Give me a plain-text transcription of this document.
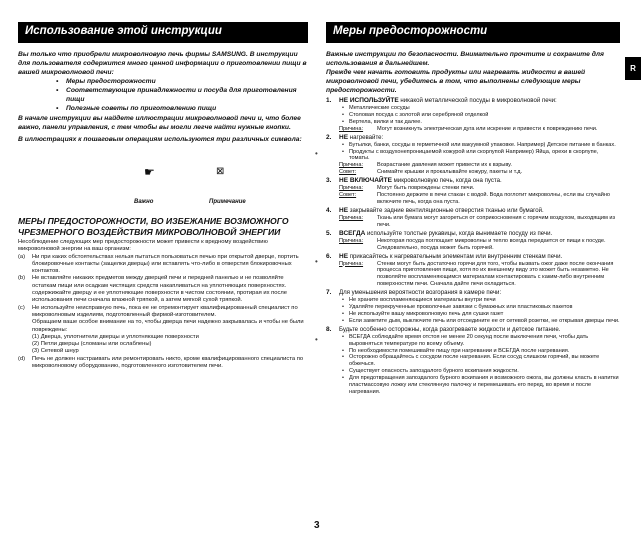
Использование этой инструкции
Вы только что приобрели микроволновую печь фирмы SAMSUNG. В инструкции для пользователя содержится много ценной информации о приготовлении пищи в вашей микроволновой печи:
• Меры предосторожности
• Соответствующие принадлежности и посуда для приготовления пищи
• Полезные советы по приготовлению пищи
В начале инструкции вы найдете иллюстрации микроволновой печи и, что более важно, панели управления, с тем чтобы вы могли легче найти нужные кнопки.
В иллюстрациях к пошаговым операциям используются три различных символа:
☛	⊠
Важно	Примечание
МЕРЫ ПРЕДОСТОРОЖНОСТИ, ВО ИЗБЕЖАНИЕ ВОЗМОЖНОГО ЧРЕЗМЕРНОГО ВОЗДЕЙСТВИЯ МИКРОВОЛНОВОЙ ЭНЕРГИИ
Несоблюдение следующих мер предосторожности может привести к вредному воздействию микроволновой энергии на ваш организм:
(a) Ни при каких обстоятельствах нельзя пытаться пользоваться печью при открытой дверце, портить блокировочные контакты (защелки дверцы) или вставлять что-либо в отверстия блокировочных контактов.
(b) Не вставляйте никаких предметов между дверцей печи и передней панелью и не позволяйте остаткам пищи или осадкам чистящих средств накапливаться на уплотняющих поверхностях. содержижайте дверцу и ее уплотняющие поверхности в чистом состоянии, протирая их после использования печи сначала влажной тряпкой, а затем мягкой сухой тряпкой.
(c) Не используйте неисправную печь, пока ее не отремонтирует квалифицированный специалист по микроволновым изделиям, подготовленный фирмой-изготовителем.
Обращаем ваше особое внимание на то, чтобы дверца печи надежно закрывалась и чтобы не были повреждены:
(1) Дверца, уплотнители дверцы и уплотняющие поверхности
(2) Петли дверцы (сломаны или ослаблены)
(3) Сетевой шнур
(d) Печь не должен настраивать или ремонтировать никто, кроме квалифицированного специалиста по микроволновому оборудованию, подготовленного изготовителем печи.
•
•
•
Меры предосторожности
Важные инструкции по безопасности. Внимательно прочтите и сохраните для использования в дальнейшем.
Прежде чем начать готовить продукты или нагревать жидкости в вашей микроволновой печи, убедитесь в том, что выполнены следующие меры предосторожности.
1. НЕ ИСПОЛЬЗУЙТЕ никакой металлической посуды в микроволновой печи:
• Металлические сосуды
• Столовая посуда с золотой или серебряной отделкой
• Вертела, вилки и так далее.
Причина:	Могут возникнуть электрическая дуга или искрение и привести к повреждению печи.
2. НЕ нагревайте:
• Бутылки, банки, сосуды в герметичной или вакуумной упаковке. Например) Детское питание в банках.
• Продукты с воздухонепроницаемой кожурой или скорлупой Например) Яйца, орехи в скорлупе, томаты.
Причина:	Возрастание давления может привести их к взрыву.
Совет:	Снимайте крышки и прокалывайте кожуру, пакеты и т.д.
3. НЕ ВКЛЮЧАЙТЕ микроволновую печь, когда она пуста.
Причина:	Могут быть повреждены стенки печи.
Совет:	Постоянно держите в печи стакан с водой. Вода поглотит микроволны, если вы случайно включите печь, когда она пуста.
4. НЕ закрывайте задние вентиляционные отверстия тканью или бумагой.
Причина:	Ткань или бумага могут загореться от соприкосновения с горячим воздухом, выходящим из печи.
5. ВСЕГДА используйте толстые рукавицы, когда вынимаете посуду из печи.
Причина:	Некоторая посуда поглощает микроволны и тепло всегда передается от пищи к посуде. Следовательно, посуда может быть горячей.
6. НЕ прикасайтесь к нагревательным элементам или внутренним стенкам печи.
Причина:	Стенки могут быть достаточно горячи для того, чтобы вызвать ожог даже после окончания процесса приготовления пищи, хотя по их внешнему виду это может быть незаметно. Не позволяйте воспламеняющимся материалам контактировать с каким-либо внутренним поверхностям печи. Сначала дайте печи охладиться.
7. Для уменьшения вероятности возгорания в камере печи:
• Не храните воспламеняющиеся материалы внутри печи
• Удаляйте перекрученные проволочные завязки с бумажных или пластиковых пакетов
• Не используйте вашу микроволновую печь для сушки газет
• Если заметите дым, выключите печь или отсоедините ее от сетевой розетки, не открывая дверцы печи.
8. Будьте особенно осторожны, когда разогреваете жидкости и детское питание.
• ВСЕГДА соблюдайте время отстоя не менее 20 секунд после выключения печи, чтобы дать выровняться температуре по всему объему.
• По необходимости помешивайте пищу при нагревании и ВСЕГДА после нагревания.
• Осторожно обращайтесь с сосудом после нагревания. Если сосуд слишком горячий, вы можете обжечься.
• Существует опасность запоздалого бурного вскипания жидкости.
• Для предотвращения запоздалого бурного вскипания и возможного ожога, вы должны класть в напитки пластмассовую ложку или стеклянную палочку и перемешивать его перед, во время и после нагревания.
R
3
